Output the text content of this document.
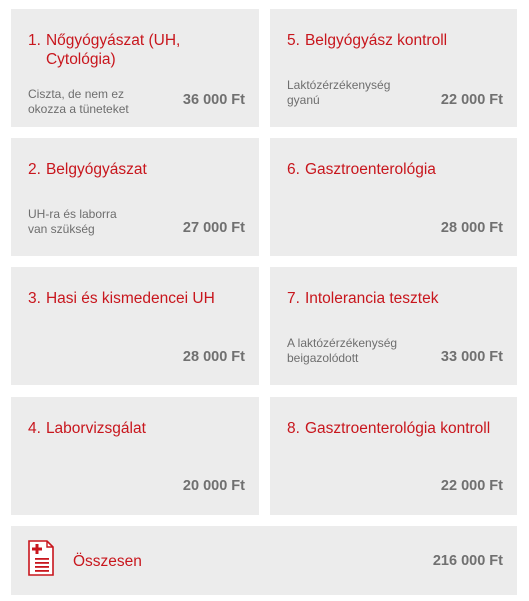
1. Nőgyógyászat (UH, Cytológia)
Ciszta, de nem ez okozza a tüneteket
36 000 Ft
2. Belgyógyászat
UH-ra és laborra van szükség	27 000 Ft
3. Hasi és kismedencei UH
28 000 Ft
4. Laborvizsgálat
20 000 Ft
5. Belgyógyász kontroll
Laktózérzékenység gyanú	22 000 Ft
6. Gasztroenterológia
28 000 Ft
7. Intolerancia tesztek
A laktózérzékenység beigazolódott	33 000 Ft
8. Gasztroenterológia kontroll
22 000 Ft
Összesen	216 000 Ft
